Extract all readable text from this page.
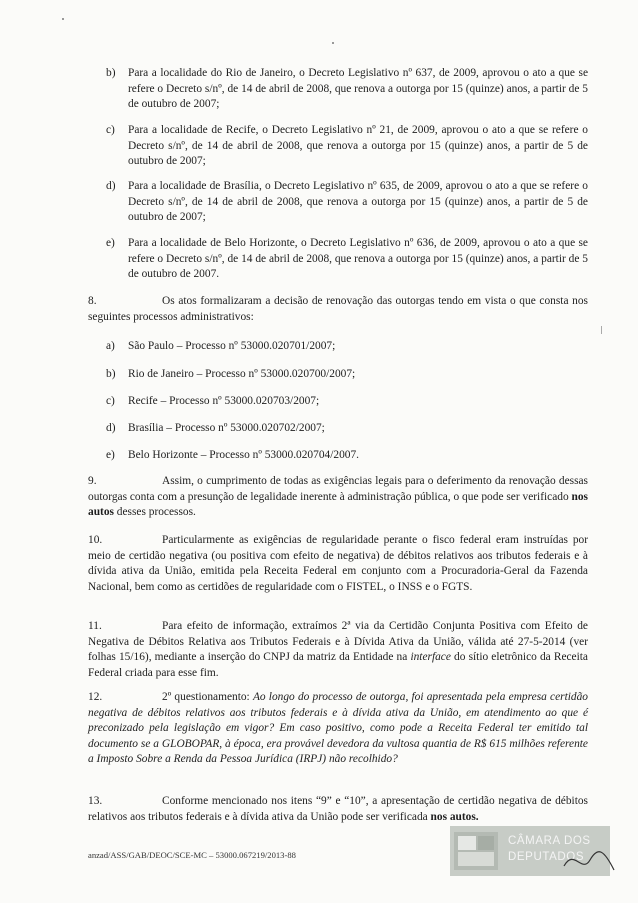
b) Para a localidade do Rio de Janeiro, o Decreto Legislativo nº 637, de 2009, aprovou o ato a que se refere o Decreto s/nº, de 14 de abril de 2008, que renova a outorga por 15 (quinze) anos, a partir de 5 de outubro de 2007;
c) Para a localidade de Recife, o Decreto Legislativo nº 21, de 2009, aprovou o ato a que se refere o Decreto s/nº, de 14 de abril de 2008, que renova a outorga por 15 (quinze) anos, a partir de 5 de outubro de 2007;
d) Para a localidade de Brasília, o Decreto Legislativo nº 635, de 2009, aprovou o ato a que se refere o Decreto s/nº, de 14 de abril de 2008, que renova a outorga por 15 (quinze) anos, a partir de 5 de outubro de 2007;
e) Para a localidade de Belo Horizonte, o Decreto Legislativo nº 636, de 2009, aprovou o ato a que se refere o Decreto s/nº, de 14 de abril de 2008, que renova a outorga por 15 (quinze) anos, a partir de 5 de outubro de 2007.
8.	Os atos formalizaram a decisão de renovação das outorgas tendo em vista o que consta nos seguintes processos administrativos:
a) São Paulo – Processo nº 53000.020701/2007;
b) Rio de Janeiro – Processo nº 53000.020700/2007;
c) Recife – Processo nº 53000.020703/2007;
d) Brasília – Processo nº 53000.020702/2007;
e) Belo Horizonte – Processo nº 53000.020704/2007.
9.	Assim, o cumprimento de todas as exigências legais para o deferimento da renovação dessas outorgas conta com a presunção de legalidade inerente à administração pública, o que pode ser verificado nos autos desses processos.
10.	Particularmente as exigências de regularidade perante o fisco federal eram instruídas por meio de certidão negativa (ou positiva com efeito de negativa) de débitos relativos aos tributos federais e à dívida ativa da União, emitida pela Receita Federal em conjunto com a Procuradoria-Geral da Fazenda Nacional, bem como as certidões de regularidade com o FISTEL, o INSS e o FGTS.
11.	Para efeito de informação, extraímos 2ª via da Certidão Conjunta Positiva com Efeito de Negativa de Débitos Relativa aos Tributos Federais e à Dívida Ativa da União, válida até 27-5-2014 (ver folhas 15/16), mediante a inserção do CNPJ da matriz da Entidade na interface do sítio eletrônico da Receita Federal criada para esse fim.
12.	2º questionamento: Ao longo do processo de outorga, foi apresentada pela empresa certidão negativa de débitos relativos aos tributos federais e à dívida ativa da União, em atendimento ao que é preconizado pela legislação em vigor? Em caso positivo, como pode a Receita Federal ter emitido tal documento se a GLOBOPAR, à época, era provável devedora da vultosa quantia de R$ 615 milhões referente a Imposto Sobre a Renda da Pessoa Jurídica (IRPJ) não recolhido?
13.	Conforme mencionado nos itens “9” e “10”, a apresentação de certidão negativa de débitos relativos aos tributos federais e à dívida ativa da União pode ser verificada nos autos.
anzad/ASS/GAB/DEOC/SCE-MC – 53000.067219/2013-88
CÂMARA DOS
DEPUTADOS
